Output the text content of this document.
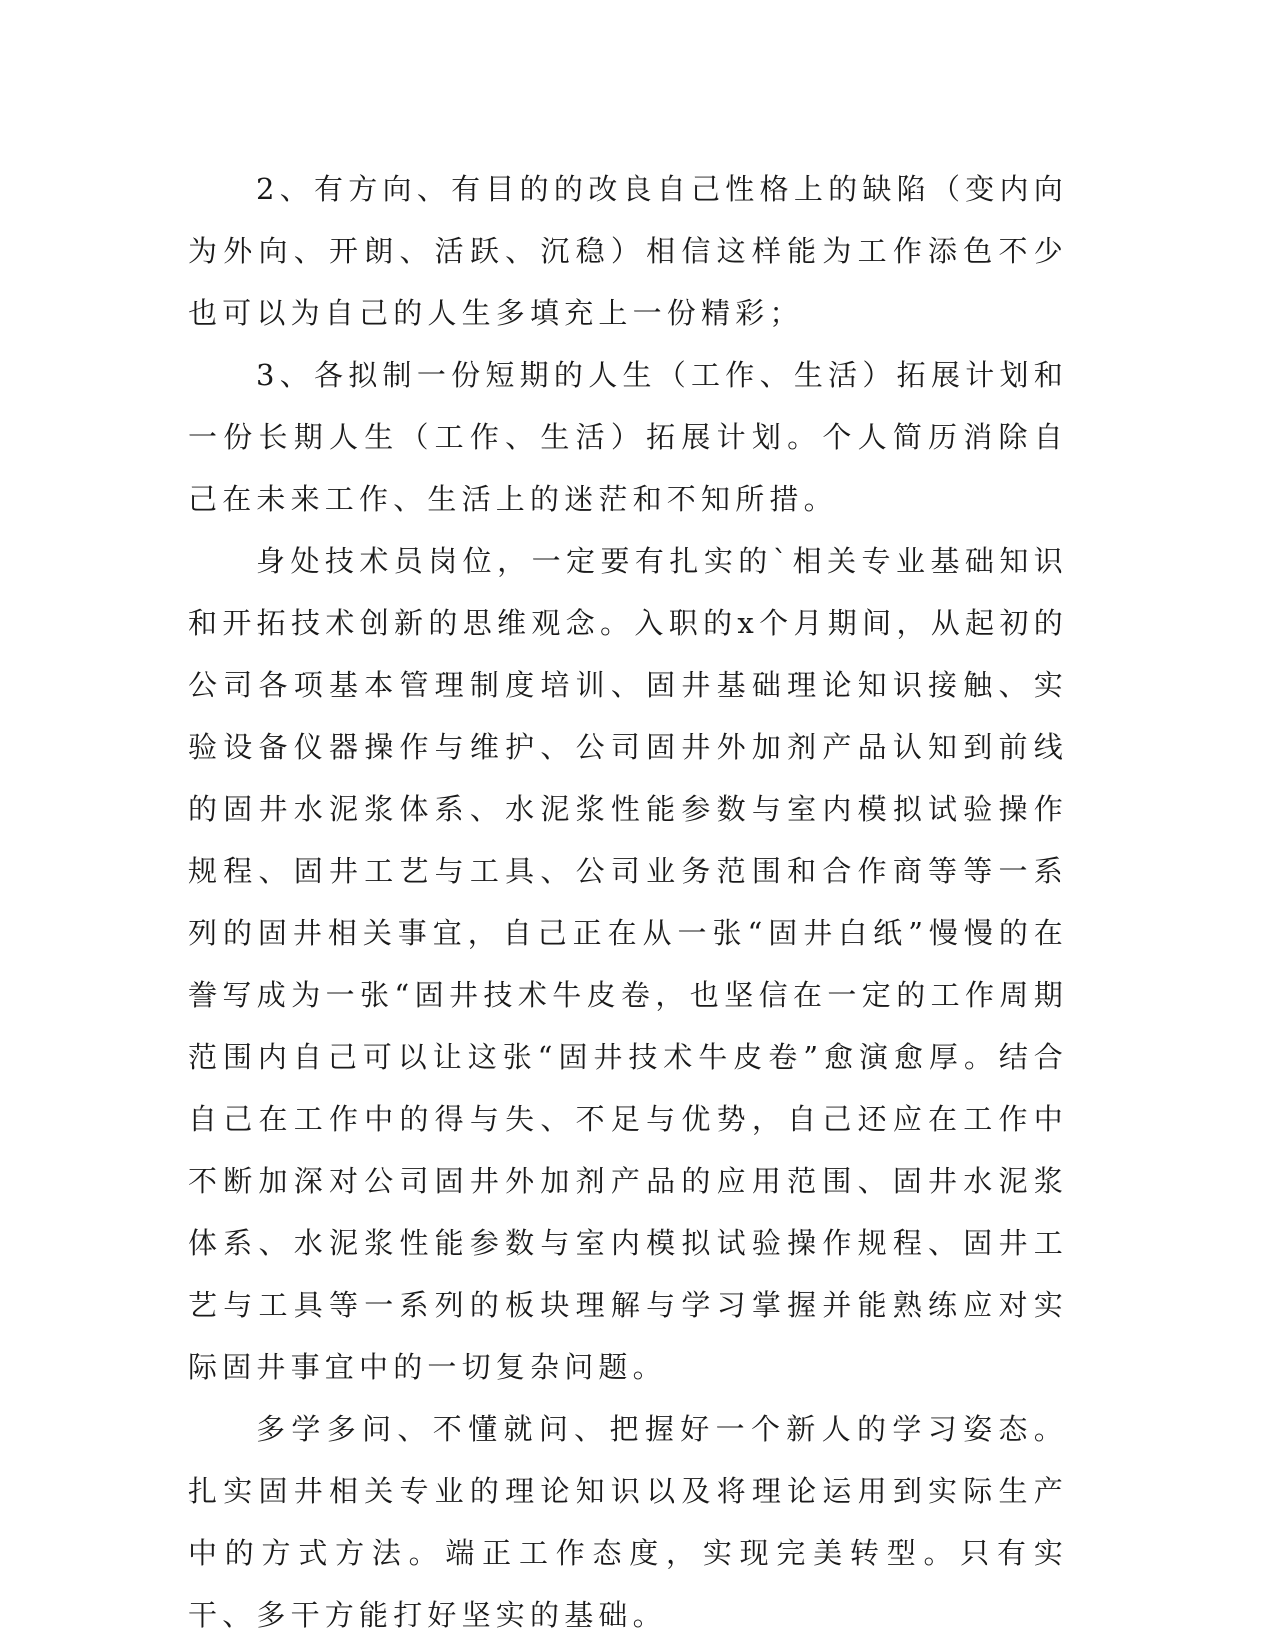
2、有方向、有目的的改良自己性格上的缺陷（变内向为外向、开朗、活跃、沉稳）相信这样能为工作添色不少也可以为自己的人生多填充上一份精彩；

3、各拟制一份短期的人生（工作、生活）拓展计划和一份长期人生（工作、生活）拓展计划。个人简历消除自己在未来工作、生活上的迷茫和不知所措。

身处技术员岗位，一定要有扎实的`相关专业基础知识和开拓技术创新的思维观念。入职的x个月期间，从起初的公司各项基本管理制度培训、固井基础理论知识接触、实验设备仪器操作与维护、公司固井外加剂产品认知到前线的固井水泥浆体系、水泥浆性能参数与室内模拟试验操作规程、固井工艺与工具、公司业务范围和合作商等等一系列的固井相关事宜，自己正在从一张“固井白纸”慢慢的在誊写成为一张“固井技术牛皮卷，也坚信在一定的工作周期范围内自己可以让这张“固井技术牛皮卷”愈演愈厚。结合自己在工作中的得与失、不足与优势，自己还应在工作中不断加深对公司固井外加剂产品的应用范围、固井水泥浆体系、水泥浆性能参数与室内模拟试验操作规程、固井工艺与工具等一系列的板块理解与学习掌握并能熟练应对实际固井事宜中的一切复杂问题。

多学多问、不懂就问、把握好一个新人的学习姿态。扎实固井相关专业的理论知识以及将理论运用到实际生产中的方式方法。端正工作态度，实现完美转型。只有实干、多干方能打好坚实的基础。
